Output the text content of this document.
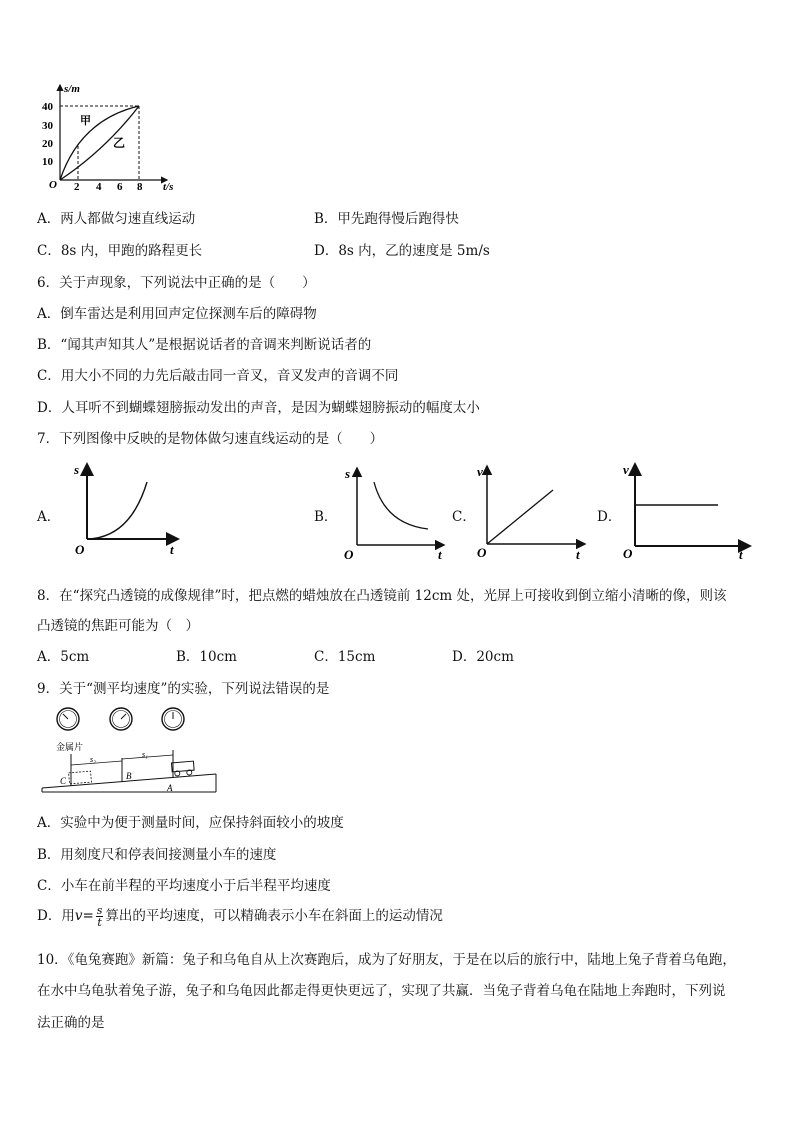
s/m
t/s
40
30
20
10
O 2 4 6 8
甲
乙
A．两人都做匀速直线运动	B．甲先跑得慢后跑得快
C．8s 内，甲跑的路程更长	D．8s 内，乙的速度是 5m/s
6．关于声现象，下列说法中正确的是（　　）
A．倒车雷达是利用回声定位探测车后的障碍物
B．“闻其声知其人”是根据说话者的音调来判断说话者的
C．用大小不同的力先后敲击同一音叉，音叉发声的音调不同
D．人耳听不到蝴蝶翅膀振动发出的声音，是因为蝴蝶翅膀振动的幅度太小
7．下列图像中反映的是物体做匀速直线运动的是（　　）
A．
s
t
O
B．
s
t
O
C．
v
t
O
D．
v
t
O
8．在“探究凸透镜的成像规律”时，把点燃的蜡烛放在凸透镜前 12cm 处，光屏上可接收到倒立缩小清晰的像，则该
凸透镜的焦距可能为（　）
A．5cm	B．10cm	C．15cm	D．20cm
9．关于“测平均速度”的实验，下列说法错误的是
金属片
s₂
s₁
C	B
A
A．实验中为便于测量时间，应保持斜面较小的坡度
B．用刻度尺和停表间接测量小车的速度
C．小车在前半程的平均速度小于后半程平均速度
D．用$v= \frac{s}{t}$ 算出的平均速度，可以精确表示小车在斜面上的运动情况
10．《龟兔赛跑》新篇：兔子和乌龟自从上次赛跑后，成为了好朋友，于是在以后的旅行中，陆地上兔子背着乌龟跑，
在水中乌龟驮着兔子游，兔子和乌龟因此都走得更快更远了，实现了共赢．当兔子背着乌龟在陆地上奔跑时，下列说
法正确的是
